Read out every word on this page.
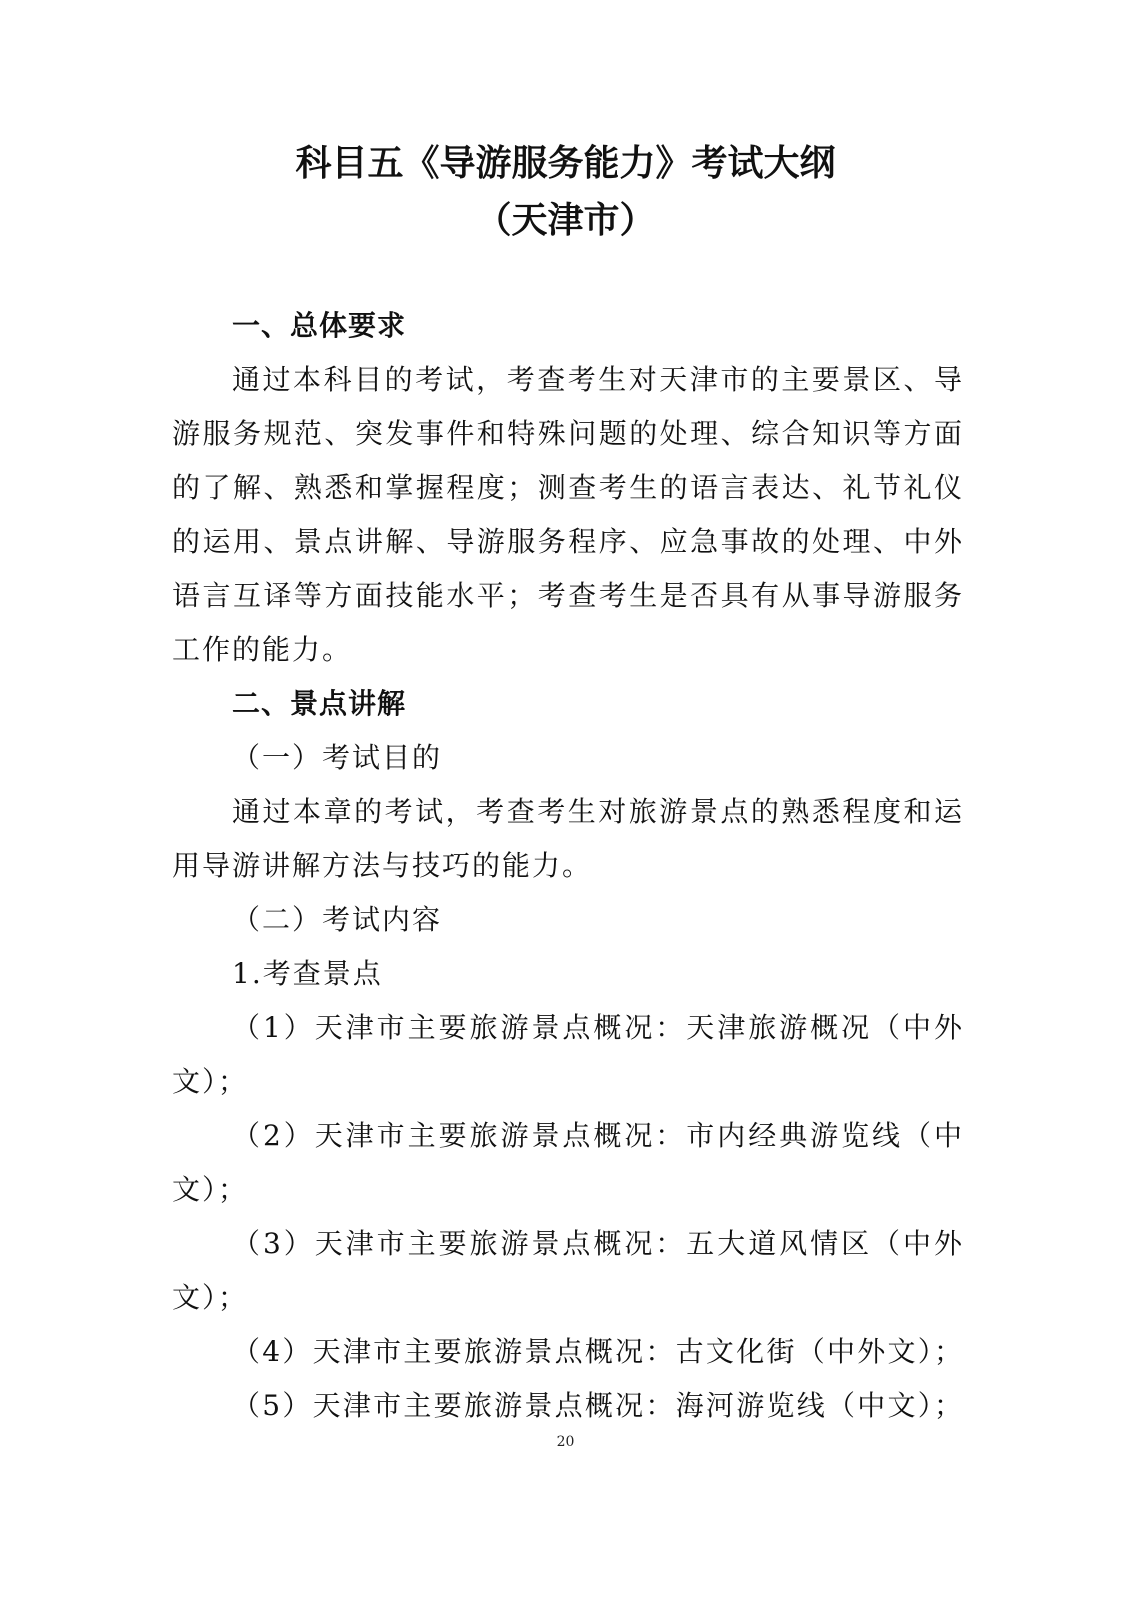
科目五《导游服务能力》考试大纲
（天津市）

一、总体要求

通过本科目的考试，考查考生对天津市的主要景区、导

游服务规范、突发事件和特殊问题的处理、综合知识等方面

的了解、熟悉和掌握程度；测查考生的语言表达、礼节礼仪

的运用、景点讲解、导游服务程序、应急事故的处理、中外

语言互译等方面技能水平；考查考生是否具有从事导游服务

工作的能力。

二、景点讲解

（一）考试目的

通过本章的考试，考查考生对旅游景点的熟悉程度和运

用导游讲解方法与技巧的能力。

（二）考试内容

1.考查景点

（1）天津市主要旅游景点概况：天津旅游概况（中外

文）；

（2）天津市主要旅游景点概况：市内经典游览线（中

文）；

（3）天津市主要旅游景点概况：五大道风情区（中外

文）；

（4）天津市主要旅游景点概况：古文化街（中外文）；

（5）天津市主要旅游景点概况：海河游览线（中文）；

20
